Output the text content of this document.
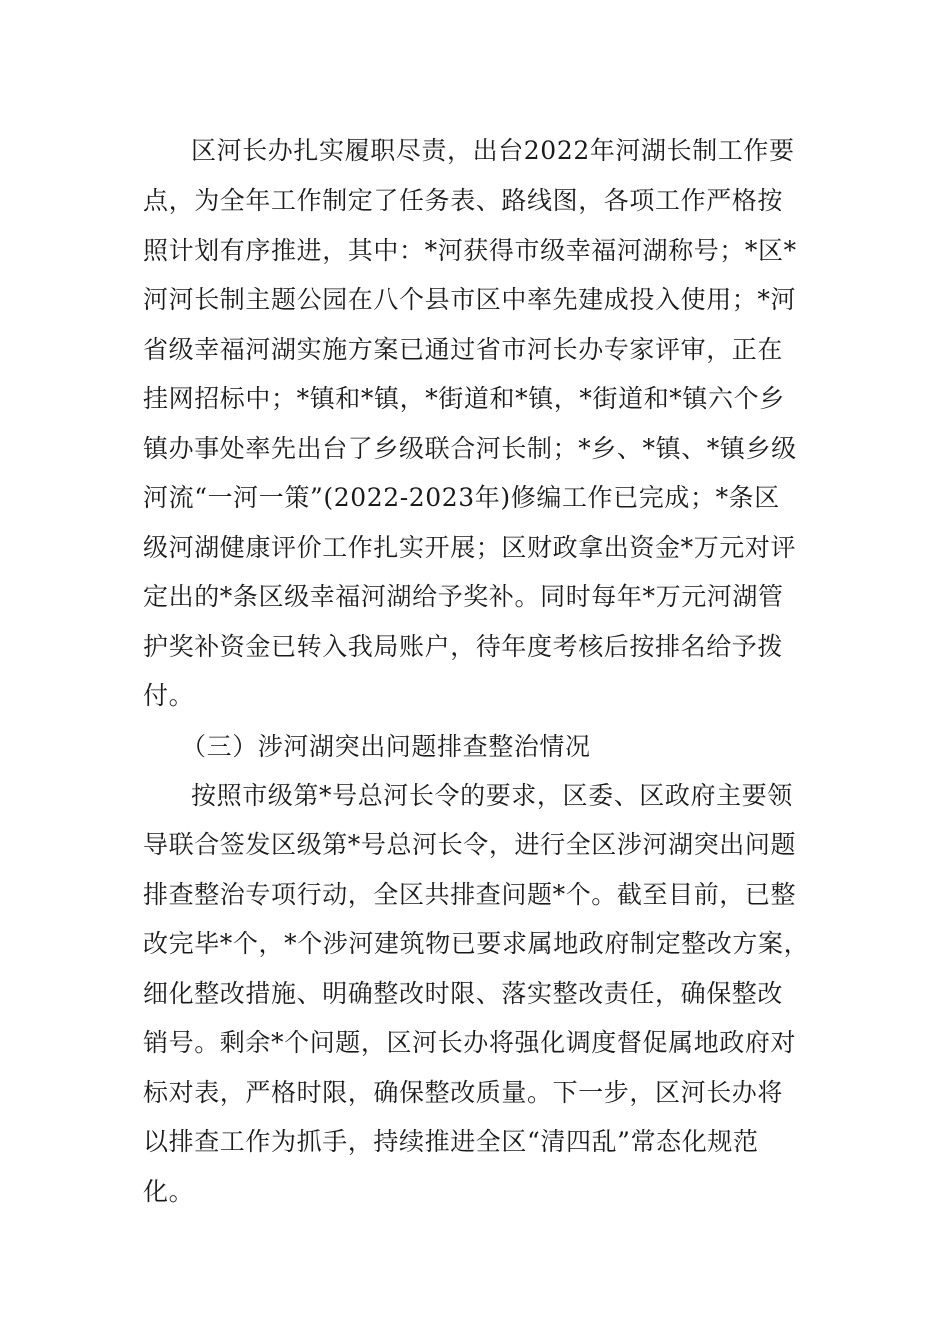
区河长办扎实履职尽责，出台2022年河湖长制工作要
点，为全年工作制定了任务表、路线图，各项工作严格按
照计划有序推进，其中：*河获得市级幸福河湖称号；*区*
河河长制主题公园在八个县市区中率先建成投入使用；*河
省级幸福河湖实施方案已通过省市河长办专家评审，正在
挂网招标中；*镇和*镇，*街道和*镇，*街道和*镇六个乡
镇办事处率先出台了乡级联合河长制；*乡、*镇、*镇乡级
河流“一河一策”(2022-2023年)修编工作已完成；*条区
级河湖健康评价工作扎实开展；区财政拿出资金*万元对评
定出的*条区级幸福河湖给予奖补。同时每年*万元河湖管
护奖补资金已转入我局账户，待年度考核后按排名给予拨
付。
（三）涉河湖突出问题排查整治情况
按照市级第*号总河长令的要求，区委、区政府主要领
导联合签发区级第*号总河长令，进行全区涉河湖突出问题
排查整治专项行动，全区共排查问题*个。截至目前，已整
改完毕*个，*个涉河建筑物已要求属地政府制定整改方案，
细化整改措施、明确整改时限、落实整改责任，确保整改
销号。剩余*个问题，区河长办将强化调度督促属地政府对
标对表，严格时限，确保整改质量。下一步，区河长办将
以排查工作为抓手，持续推进全区“清四乱”常态化规范
化。
